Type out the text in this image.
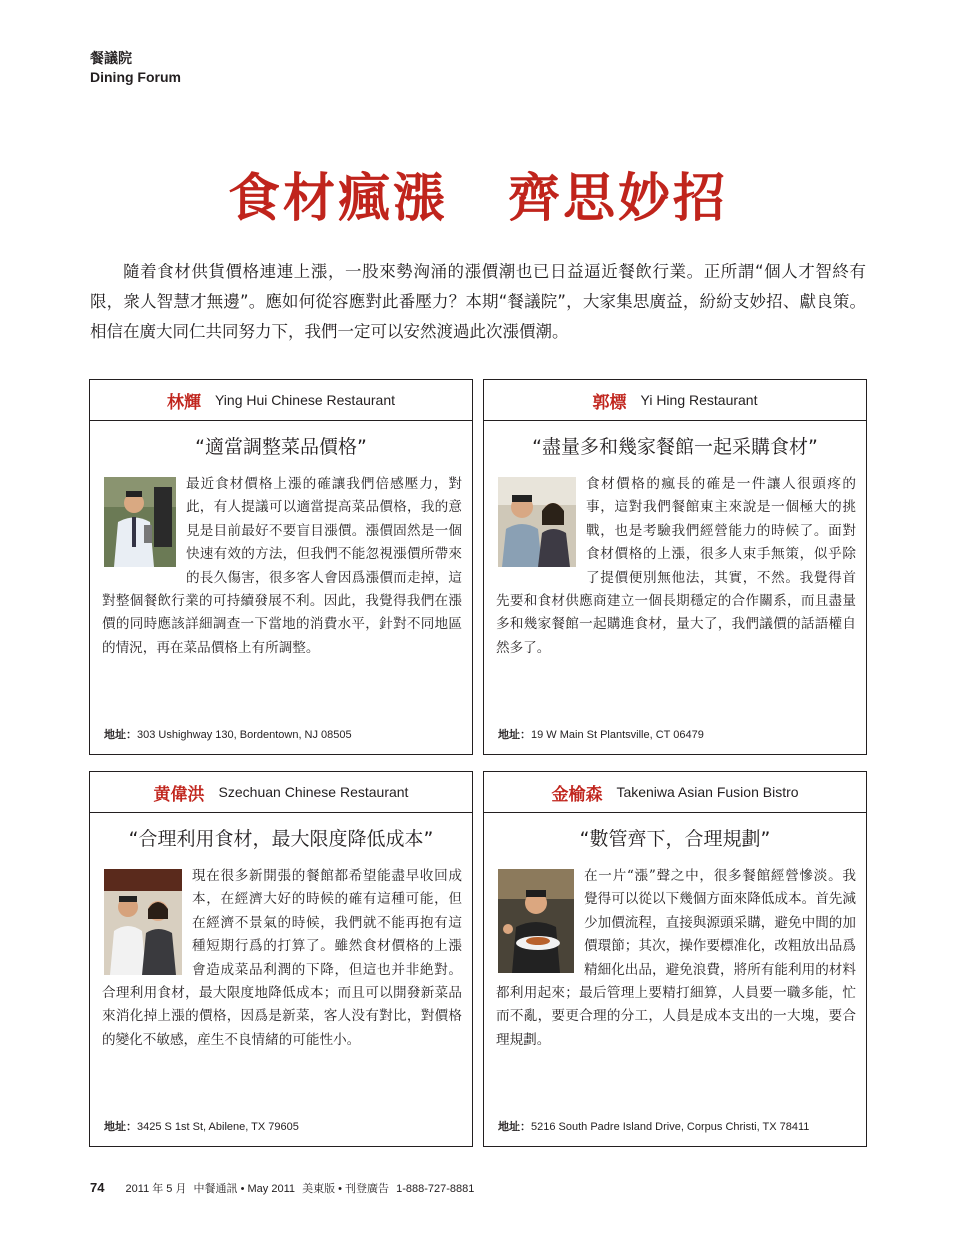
餐議院
Dining Forum
食材瘋漲 齊思妙招
隨着食材供貨價格連連上漲，一股來勢洶涌的漲價潮也已日益逼近餐飲行業。正所謂“個人才智終有限，衆人智慧才無邊”。應如何從容應對此番壓力？本期“餐議院”，大家集思廣益，紛紛支妙招、獻良策。相信在廣大同仁共同努力下，我們一定可以安然渡過此次漲價潮。
林輝 Ying Hui Chinese Restaurant
“適當調整菜品價格”
最近食材價格上漲的確讓我們倍感壓力，對此，有人提議可以適當提高菜品價格，我的意見是目前最好不要盲目漲價。漲價固然是一個快速有效的方法，但我們不能忽視漲價所帶來的長久傷害，很多客人會因爲漲價而走掉，這對整個餐飲行業的可持續發展不利。因此，我覺得我們在漲價的同時應該詳細調查一下當地的消費水平，針對不同地區的情況，再在菜品價格上有所調整。
地址：303 Ushighway 130, Bordentown, NJ 08505
郭標 Yi Hing Restaurant
“盡量多和幾家餐館一起采購食材”
食材價格的瘋長的確是一件讓人很頭疼的事，這對我們餐館東主來說是一個極大的挑戰，也是考驗我們經營能力的時候了。面對食材價格的上漲，很多人束手無策，似乎除了提價便別無他法，其實，不然。我覺得首先要和食材供應商建立一個長期穩定的合作關系，而且盡量多和幾家餐館一起購進食材，量大了，我們議價的話語權自然多了。
地址：19 W Main St Plantsville, CT 06479
黄偉洪 Szechuan Chinese Restaurant
“合理利用食材，最大限度降低成本”
現在很多新開張的餐館都希望能盡早收回成本，在經濟大好的時候的確有這種可能，但在經濟不景氣的時候，我們就不能再抱有這種短期行爲的打算了。雖然食材價格的上漲會造成菜品利潤的下降，但這也并非絶對。合理利用食材，最大限度地降低成本；而且可以開發新菜品來消化掉上漲的價格，因爲是新菜，客人没有對比，對價格的變化不敏感，産生不良情緒的可能性小。
地址：3425 S 1st St, Abilene, TX 79605
金榆森 Takeniwa Asian Fusion Bistro
“數管齊下，合理規劃”
在一片“漲”聲之中，很多餐館經營慘淡。我覺得可以從以下幾個方面來降低成本。首先減少加價流程，直接與源頭采購，避免中間的加價環節；其次，操作要標准化，改粗放出品爲精細化出品，避免浪費，將所有能利用的材料都利用起來；最后管理上要精打細算，人員要一職多能，忙而不亂，要更合理的分工，人員是成本支出的一大塊，要合理規劃。
地址：5216 South Padre Island Drive, Corpus Christi, TX 78411
74 2011 年 5 月 中餐通訊 • May 2011 美東版 • 刊登廣告 1-888-727-8881
